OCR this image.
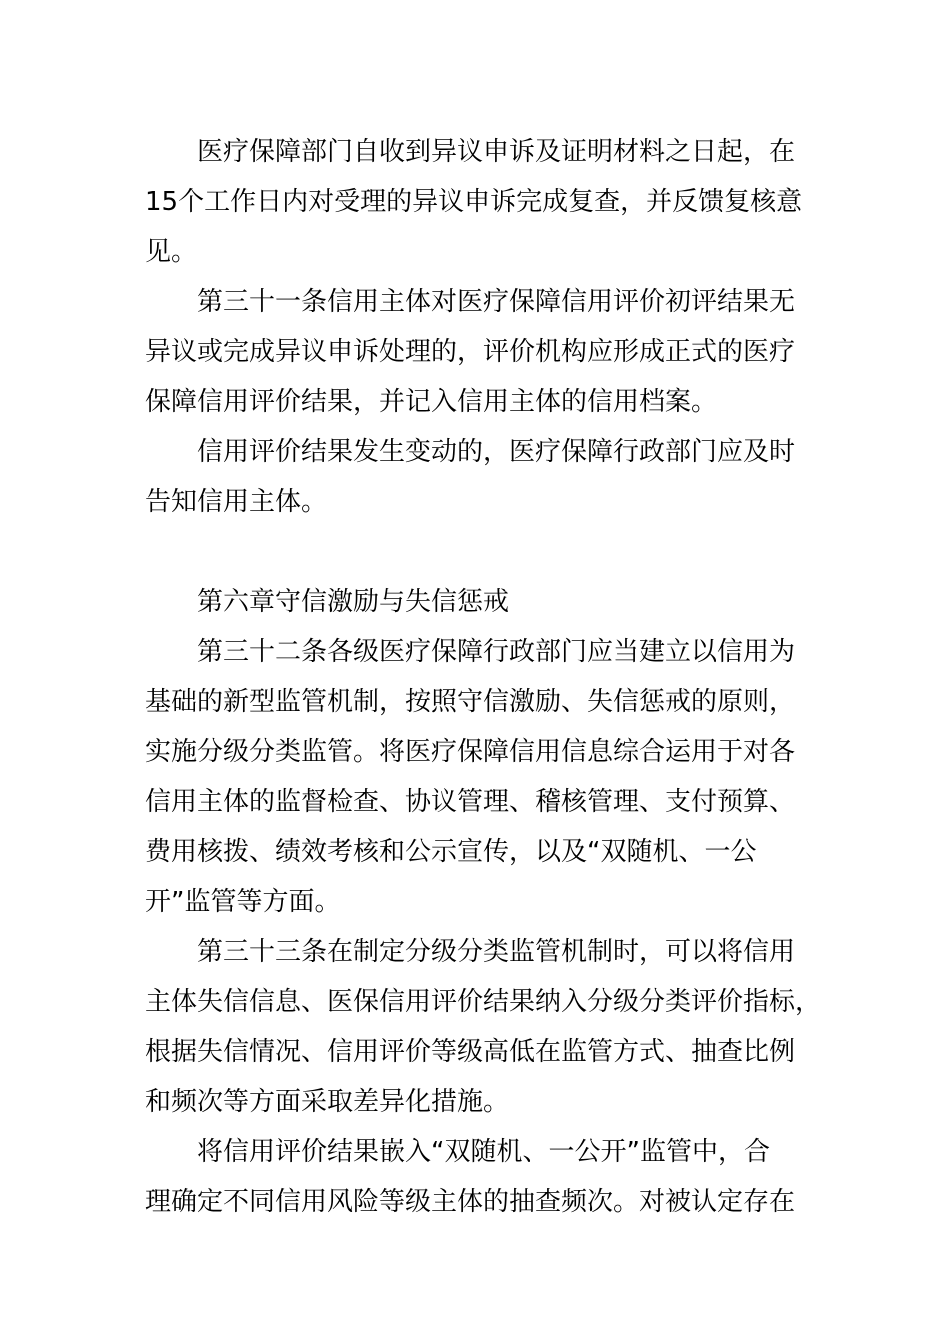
医疗保障部门自收到异议申诉及证明材料之日起，在
15个工作日内对受理的异议申诉完成复查，并反馈复核意
见。

第三十一条信用主体对医疗保障信用评价初评结果无
异议或完成异议申诉处理的，评价机构应形成正式的医疗
保障信用评价结果，并记入信用主体的信用档案。

信用评价结果发生变动的，医疗保障行政部门应及时
告知信用主体。

第六章守信激励与失信惩戒

第三十二条各级医疗保障行政部门应当建立以信用为
基础的新型监管机制，按照守信激励、失信惩戒的原则，
实施分级分类监管。将医疗保障信用信息综合运用于对各
信用主体的监督检查、协议管理、稽核管理、支付预算、
费用核拨、绩效考核和公示宣传，以及“双随机、一公
开”监管等方面。

第三十三条在制定分级分类监管机制时，可以将信用
主体失信信息、医保信用评价结果纳入分级分类评价指标，
根据失信情况、信用评价等级高低在监管方式、抽查比例
和频次等方面采取差异化措施。

将信用评价结果嵌入“双随机、一公开”监管中，合
理确定不同信用风险等级主体的抽查频次。对被认定存在
